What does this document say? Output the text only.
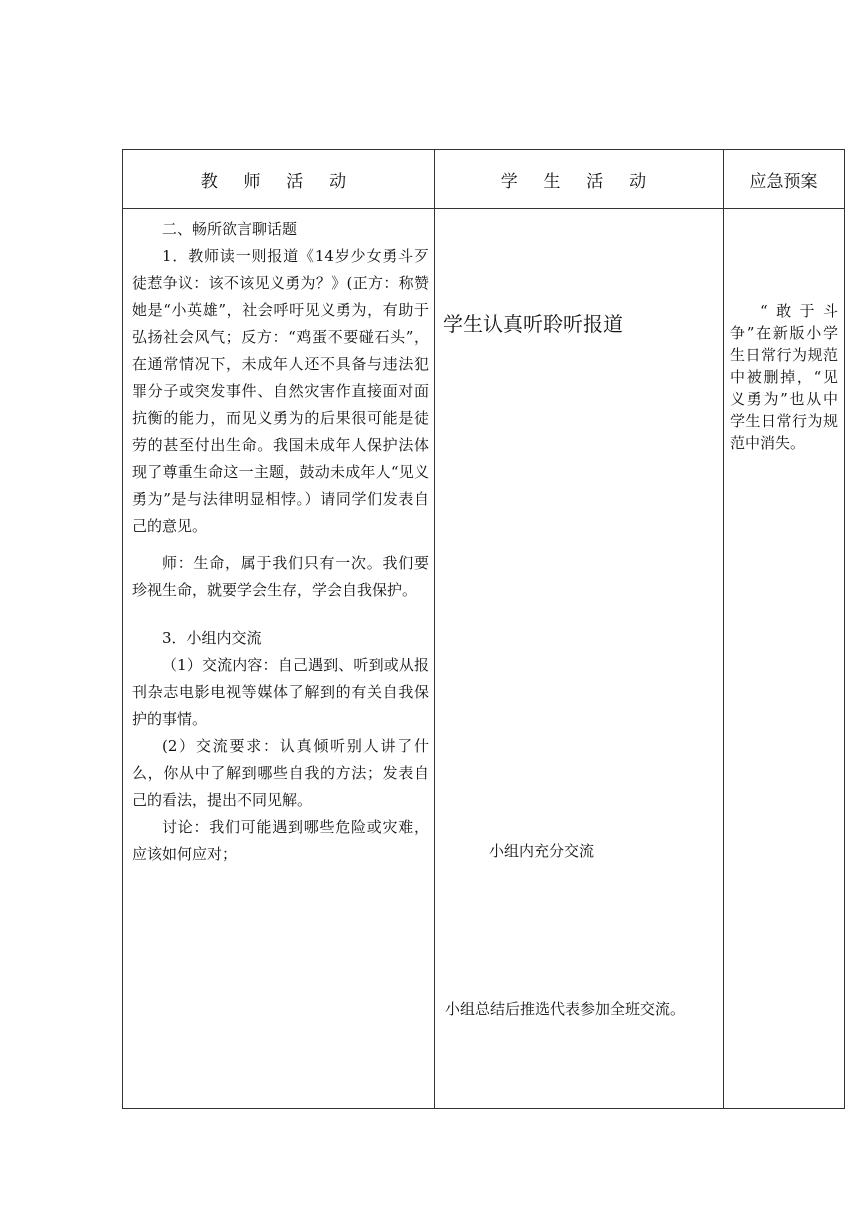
教 师 活 动	学 生 活 动	应急预案

二、畅所欲言聊话题

1．教师读一则报道《14岁少女勇斗歹徒惹争议：该不该见义勇为？》(正方：称赞她是“小英雄”，社会呼吁见义勇为，有助于弘扬社会风气；反方：“鸡蛋不要碰石头”，在通常情况下，未成年人还不具备与违法犯罪分子或突发事件、自然灾害作直接面对面抗衡的能力，而见义勇为的后果很可能是徒劳的甚至付出生命。我国未成年人保护法体现了尊重生命这一主题，鼓动未成年人“见义勇为”是与法律明显相悖。）请同学们发表自己的意见。

师：生命，属于我们只有一次。我们要珍视生命，就要学会生存，学会自我保护。

3．小组内交流

（1）交流内容：自己遇到、听到或从报刊杂志电影电视等媒体了解到的有关自我保护的事情。

(2）交流要求：认真倾听别人讲了什么，你从中了解到哪些自我的方法；发表自己的看法，提出不同见解。

讨论：我们可能遇到哪些危险或灾难，应该如何应对；

学生认真听聆听报道
小组内充分交流
小组总结后推选代表参加全班交流。
“敢于斗争”在新版小学生日常行为规范中被删掉，“见义勇为”也从中学生日常行为规范中消失。
